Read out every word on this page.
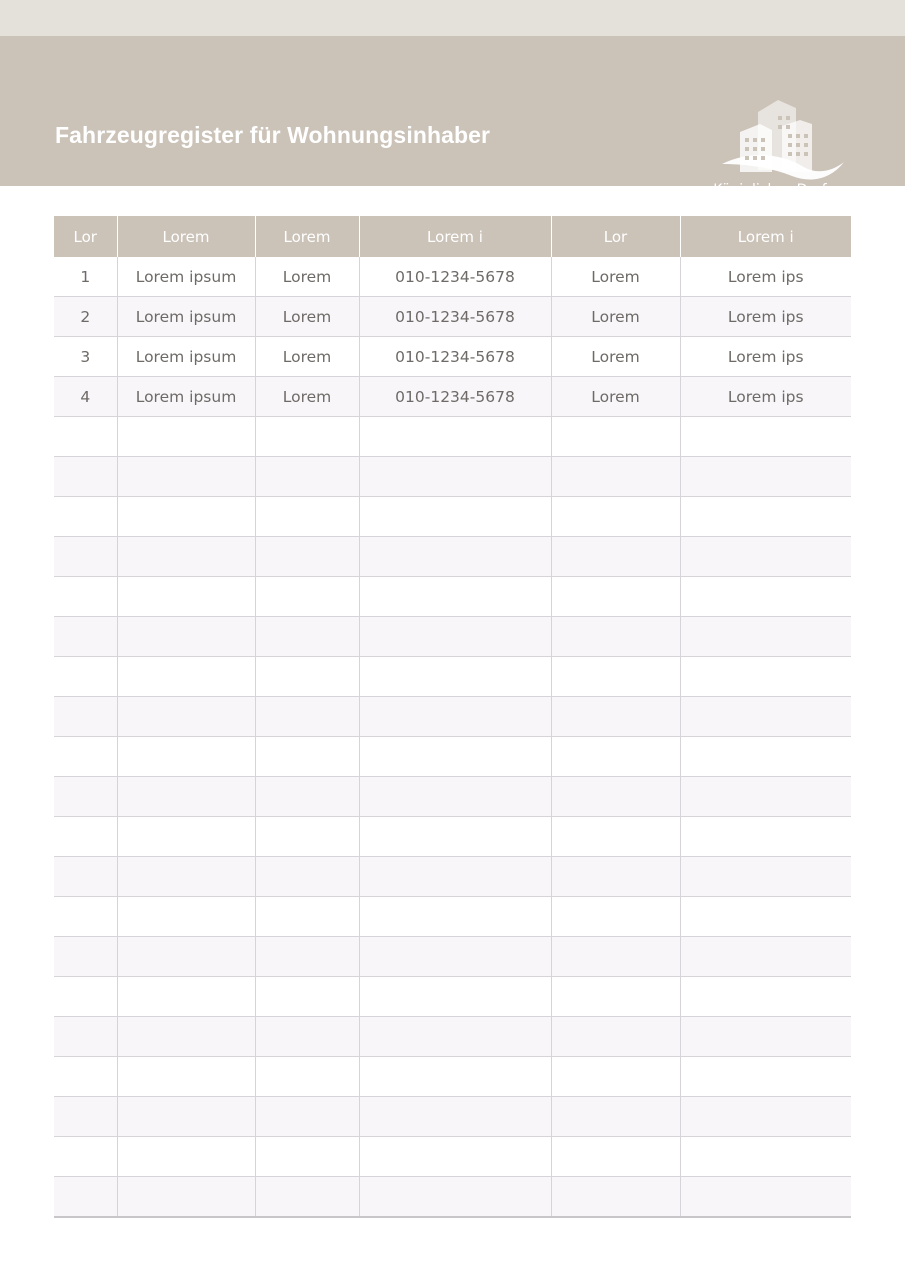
Fahrzeugregister für Wohnungsinhaber
Königliches Dorf
Lor	Lorem	Lorem	Lorem i	Lor	Lorem i
1	Lorem ipsum	Lorem	010-1234-5678	Lorem	Lorem ips
2	Lorem ipsum	Lorem	010-1234-5678	Lorem	Lorem ips
3	Lorem ipsum	Lorem	010-1234-5678	Lorem	Lorem ips
4	Lorem ipsum	Lorem	010-1234-5678	Lorem	Lorem ips
